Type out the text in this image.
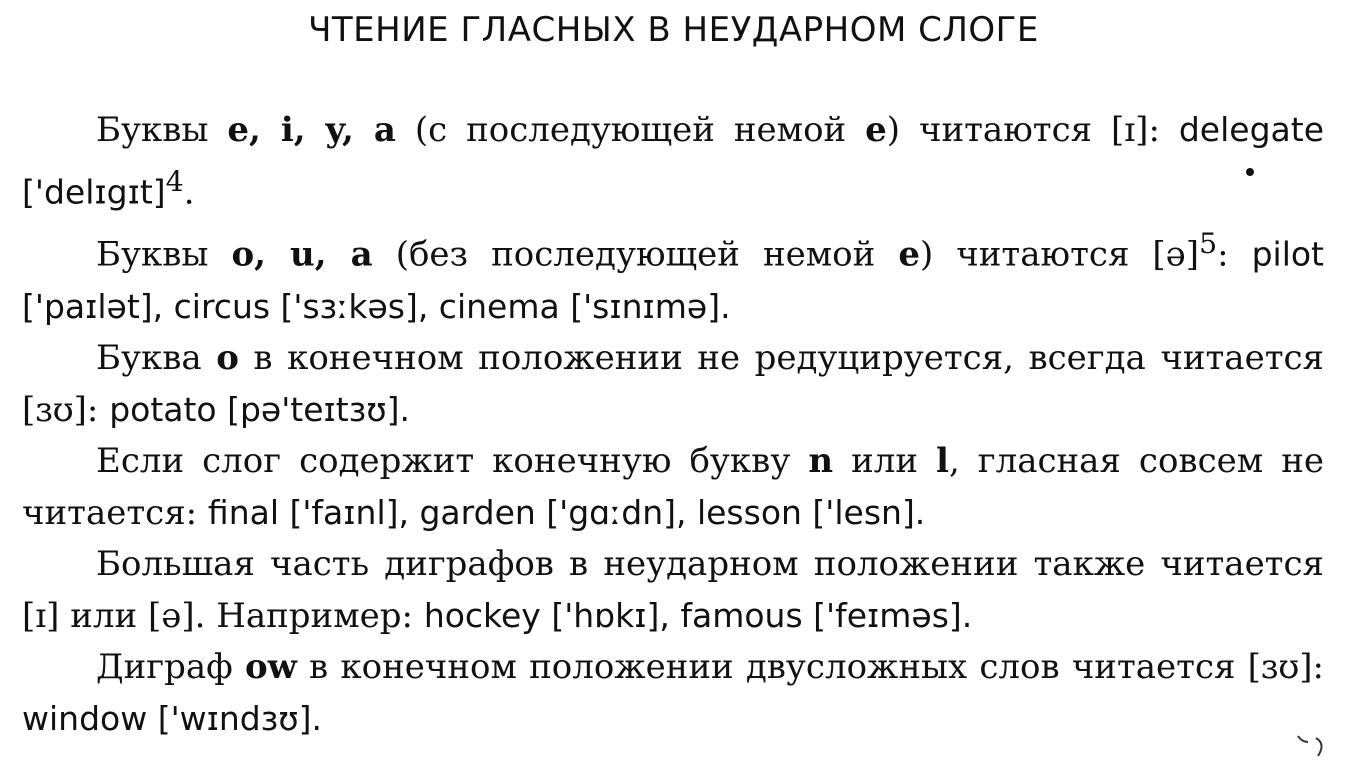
ЧТЕНИЕ ГЛАСНЫХ В НЕУДАРНОМ СЛОГЕ

Буквы e, i, y, a (с последующей немой e) читаются [ɪ]: delegate ['delɪgɪt]$^4$.

Буквы o, u, a (без последующей немой e) читаются [ə]$^5$: pilot ['paɪlət], circus ['sɜːkəs], cinema ['sɪnɪmə].

Буква o в конечном положении не редуцируется, всегда читается [ɜʊ]: potato [pə'teɪtɜʊ].

Если слог содержит конечную букву n или l, гласная совсем не читается: final ['faɪnl], garden ['gɑːdn], lesson ['lesn].

Большая часть диграфов в неударном положении также читается [ɪ] или [ə]. Например: hockey ['hɒkɪ], famous ['feɪməs].

Диграф ow в конечном положении двусложных слов читается [ɜʊ]: window ['wɪndɜʊ].
